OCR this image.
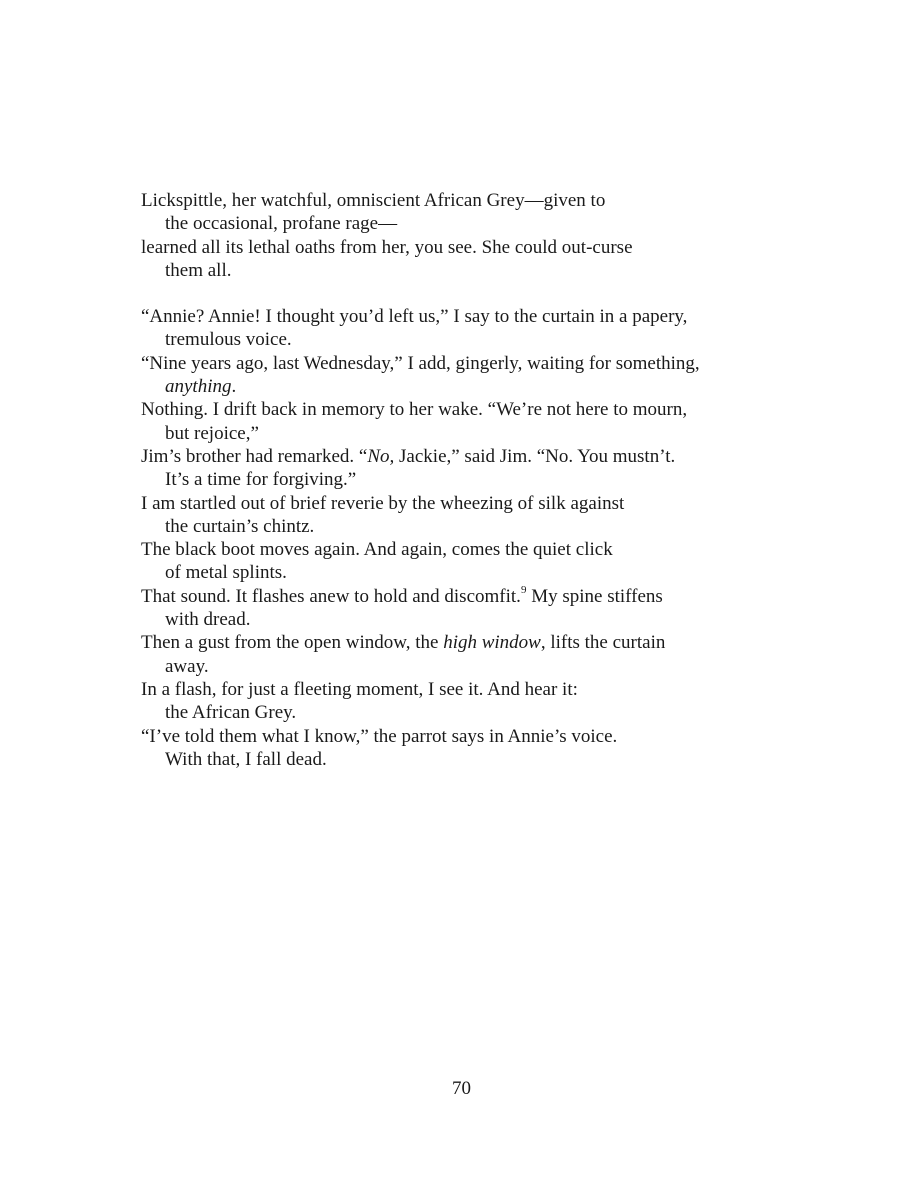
Lickspittle, her watchful, omniscient African Grey—given to
the occasional, profane rage—

learned all its lethal oaths from her, you see. She could out-curse
them all.

“Annie? Annie! I thought you’d left us,” I say to the curtain in a papery,
tremulous voice.

“Nine years ago, last Wednesday,” I add, gingerly, waiting for something,
anything.

Nothing. I drift back in memory to her wake. “We’re not here to mourn,
but rejoice,”

Jim’s brother had remarked. “No, Jackie,” said Jim. “No. You mustn’t.
It’s a time for forgiving.”

I am startled out of brief reverie by the wheezing of silk against
the curtain’s chintz.

The black boot moves again. And again, comes the quiet click
of metal splints.

That sound. It flashes anew to hold and discomfit.$^9$ My spine stiffens
with dread.

Then a gust from the open window, the high window, lifts the curtain
away.

In a flash, for just a fleeting moment, I see it. And hear it:
the African Grey.

“I’ve told them what I know,” the parrot says in Annie’s voice.
With that, I fall dead.

70
